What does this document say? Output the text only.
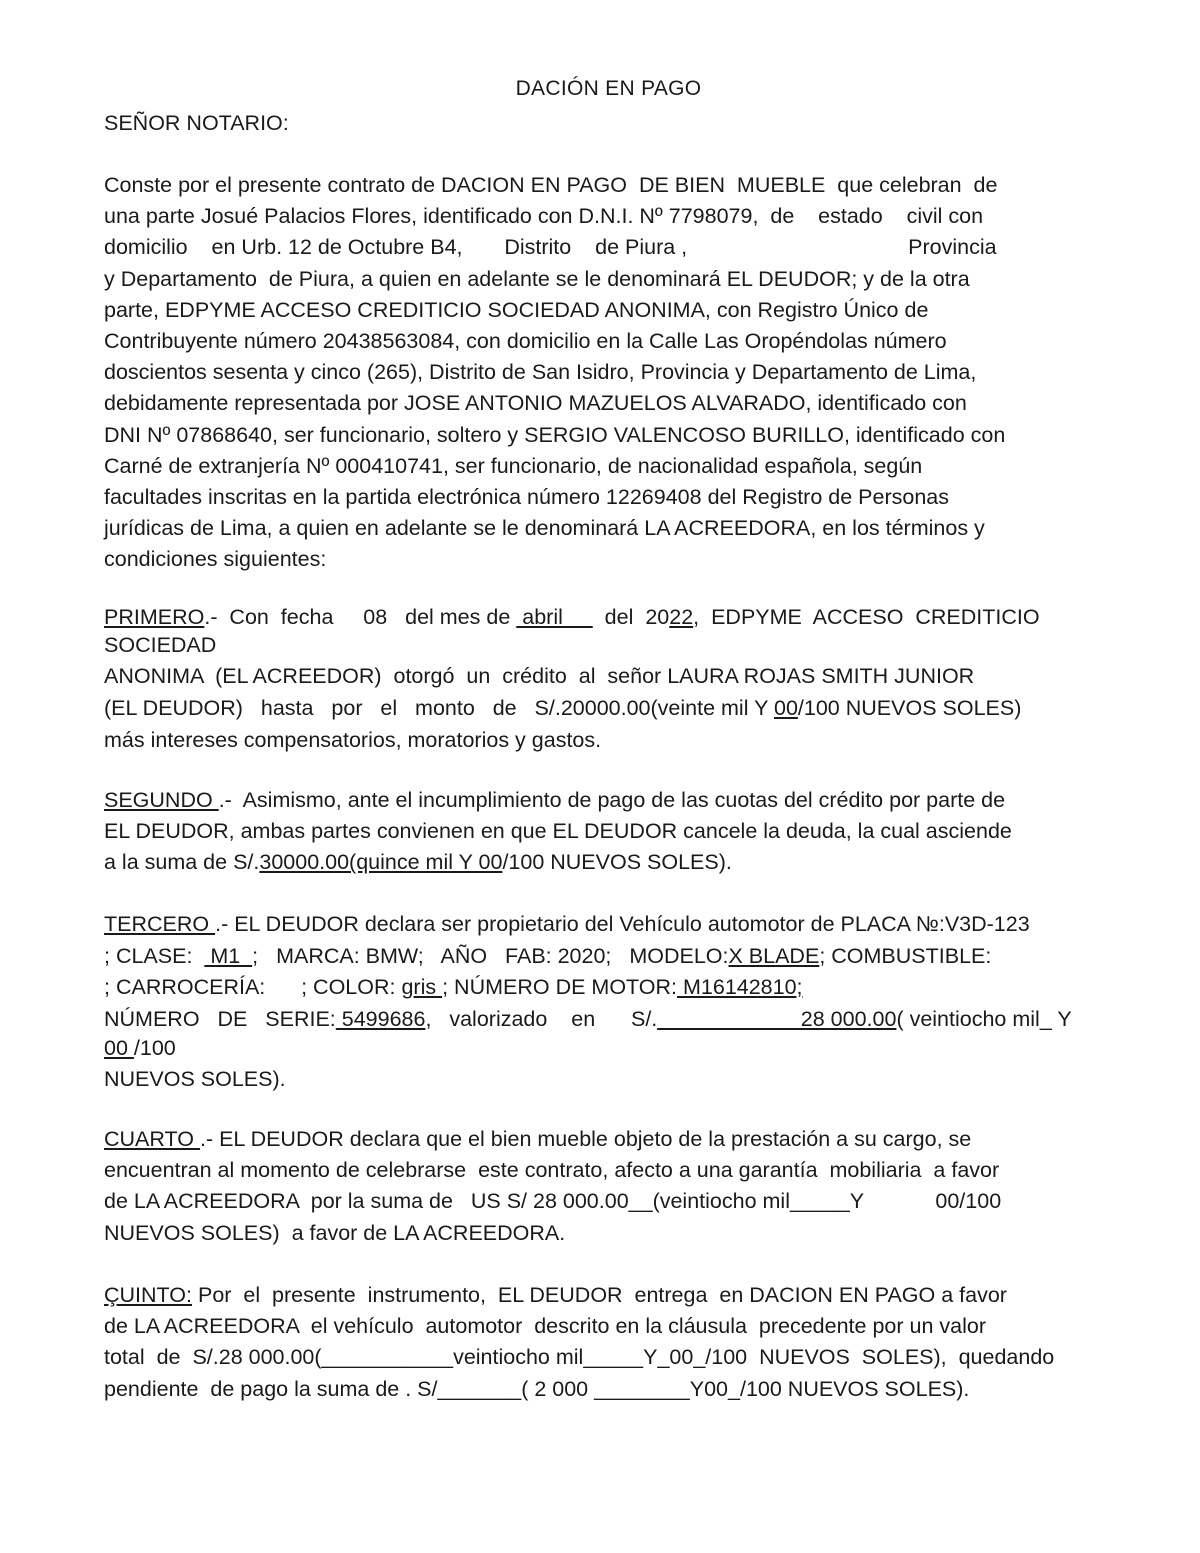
DACIÓN EN PAGO
SEÑOR NOTARIO:
Conste por el presente contrato de DACION EN PAGO  DE BIEN  MUEBLE  que celebran  de
una parte Josué Palacios Flores, identificado con D.N.I. Nº 7798079,  de    estado    civil con
domicilio    en Urb. 12 de Octubre B4,       Distrito    de Piura ,                                     Provincia
y Departamento  de Piura, a quien en adelante se le denominará EL DEUDOR; y de la otra
parte, EDPYME ACCESO CREDITICIO SOCIEDAD ANONIMA, con Registro Único de
Contribuyente número 20438563084, con domicilio en la Calle Las Oropéndolas número
doscientos sesenta y cinco (265), Distrito de San Isidro, Provincia y Departamento de Lima,
debidamente representada por JOSE ANTONIO MAZUELOS ALVARADO, identificado con
DNI Nº 07868640, ser funcionario, soltero y SERGIO VALENCOSO BURILLO, identificado con
Carné de extranjería Nº 000410741, ser funcionario, de nacionalidad española, según
facultades inscritas en la partida electrónica número 12269408 del Registro de Personas
jurídicas de Lima, a quien en adelante se le denominará LA ACREEDORA, en los términos y
condiciones siguientes:
PRIMERO.-  Con  fecha     08   del mes de  abril       del  2022,  EDPYME  ACCESO  CREDITICIO
SOCIEDAD
ANONIMA  (EL ACREEDOR)  otorgó  un  crédito  al  señor LAURA ROJAS SMITH JUNIOR
(EL DEUDOR)   hasta   por   el   monto   de   S/.20000.00(veinte mil Y 00/100 NUEVOS SOLES)
más intereses compensatorios, moratorios y gastos.
SEGUNDO .-  Asimismo, ante el incumplimiento de pago de las cuotas del crédito por parte de
EL DEUDOR, ambas partes convienen en que EL DEUDOR cancele la deuda, la cual asciende
a la suma de S/.30000.00(quince mil Y 00/100 NUEVOS SOLES).
TERCERO .- EL DEUDOR declara ser propietario del Vehículo automotor de PLACA №:V3D-123
; CLASE:   M1  ;   MARCA: BMW;   AÑO   FAB: 2020;   MODELO:X BLADE; COMBUSTIBLE:
; CARROCERÍA:      ; COLOR: gris ; NÚMERO DE MOTOR: M16142810;
NÚMERO   DE   SERIE: 5499686,   valorizado    en      S/.____________28 000.00( veintiocho mil_ Y
00 /100
NUEVOS SOLES).
CUARTO .- EL DEUDOR declara que el bien mueble objeto de la prestación a su cargo, se
encuentran al momento de celebrarse  este contrato, afecto a una garantía  mobiliaria  a favor
de LA ACREEDORA  por la suma de   US S/ 28 000.00__(veintiocho mil_____Y            00/100
NUEVOS SOLES)  a favor de LA ACREEDORA.
ÇUINTO: Por  el  presente  instrumento,  EL DEUDOR  entrega  en DACION EN PAGO a favor
de LA ACREEDORA  el vehículo  automotor  descrito en la cláusula  precedente por un valor
total  de  S/.28 000.00(___________veintiocho mil_____Y_00_/100  NUEVOS  SOLES),  quedando
pendiente  de pago la suma de . S/_______( 2 000 ________Y00_/100 NUEVOS SOLES).
